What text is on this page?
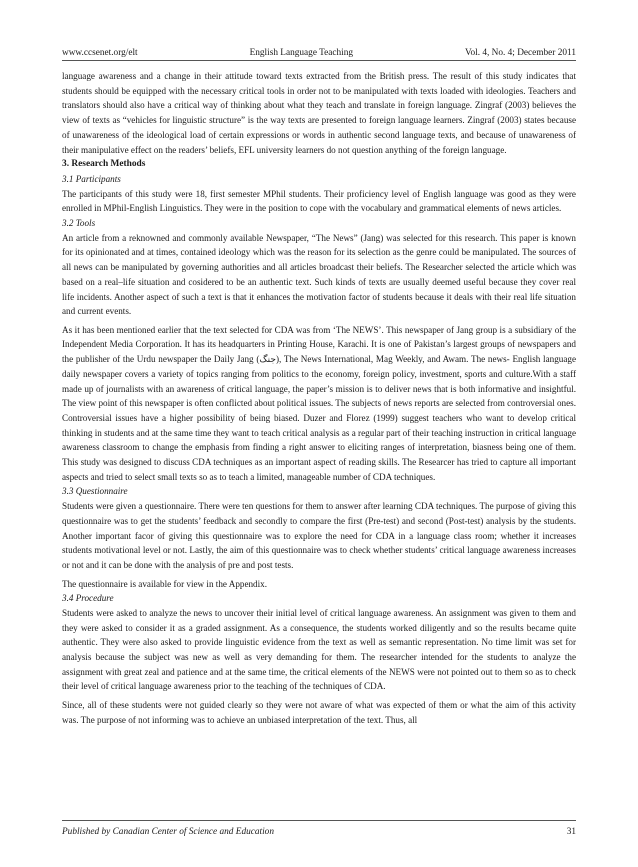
www.ccsenet.org/elt	English Language Teaching	Vol. 4, No. 4; December 2011

language awareness and a change in their attitude toward texts extracted from the British press. The result of this study indicates that students should be equipped with the necessary critical tools in order not to be manipulated with texts loaded with ideologies. Teachers and translators should also have a critical way of thinking about what they teach and translate in foreign language. Zingraf (2003) believes the view of texts as “vehicles for linguistic structure” is the way texts are presented to foreign language learners. Zingraf (2003) states because of unawareness of the ideological load of certain expressions or words in authentic second language texts, and because of unawareness of their manipulative effect on the readers’ beliefs, EFL university learners do not question anything of the foreign language.

3. Research Methods
3.1 Participants

The participants of this study were 18, first semester MPhil students. Their proficiency level of English language was good as they were enrolled in MPhil-English Linguistics. They were in the position to cope with the vocabulary and grammatical elements of news articles.

3.2 Tools

An article from a reknowned and commonly available Newspaper, “The News” (Jang) was selected for this research. This paper is known for its opinionated and at times, contained ideology which was the reason for its selection as the genre could be manipulated. The sources of all news can be manipulated by governing authorities and all articles broadcast their beliefs. The Researcher selected the article which was based on a real–life situation and cosidered to be an authentic text. Such kinds of texts are usually deemed useful because they cover real life incidents. Another aspect of such a text is that it enhances the motivation factor of students because it deals with their real life situation and current events.

As it has been mentioned earlier that the text selected for CDA was from ‘The NEWS’. This newspaper of Jang group is a subsidiary of the Independent Media Corporation. It has its headquarters in Printing House, Karachi. It is one of Pakistan’s largest groups of newspapers and the publisher of the Urdu newspaper the Daily Jang (جنگ), The News International, Mag Weekly, and Awam. The news- English language daily newspaper covers a variety of topics ranging from politics to the economy, foreign policy, investment, sports and culture.With a staff made up of journalists with an awareness of critical language, the paper’s mission is to deliver news that is both informative and insightful. The view point of this newspaper is often conflicted about political issues. The subjects of news reports are selected from controversial ones. Controversial issues have a higher possibility of being biased. Duzer and Florez (1999) suggest teachers who want to develop critical thinking in students and at the same time they want to teach critical analysis as a regular part of their teaching instruction in critical language awareness classroom to change the emphasis from finding a right answer to eliciting ranges of interpretation, biasness being one of them. This study was designed to discuss CDA techniques as an important aspect of reading skills. The Researcer has tried to capture all important aspects and tried to select small texts so as to teach a limited, manageable number of CDA techniques.

3.3 Questionnaire

Students were given a questionnaire. There were ten questions for them to answer after learning CDA techniques. The purpose of giving this questionnaire was to get the students’ feedback and secondly to compare the first (Pre-test) and second (Post-test) analysis by the students. Another important facor of giving this questionnaire was to explore the need for CDA in a language class room; whether it increases students motivational level or not. Lastly, the aim of this questionnaire was to check whether students’ critical language awareness increases or not and it can be done with the analysis of pre and post tests.

The questionnaire is available for view in the Appendix.

3.4 Procedure

Students were asked to analyze the news to uncover their initial level of critical language awareness. An assignment was given to them and they were asked to consider it as a graded assignment. As a consequence, the students worked diligently and so the results became quite authentic. They were also asked to provide linguistic evidence from the text as well as semantic representation. No time limit was set for analysis because the subject was new as well as very demanding for them. The researcher intended for the students to analyze the assignment with great zeal and patience and at the same time, the critical elements of the NEWS were not pointed out to them so as to check their level of critical language awareness prior to the teaching of the techniques of CDA.

Since, all of these students were not guided clearly so they were not aware of what was expected of them or what the aim of this activity was. The purpose of not informing was to achieve an unbiased interpretation of the text. Thus, all

Published by Canadian Center of Science and Education	31
